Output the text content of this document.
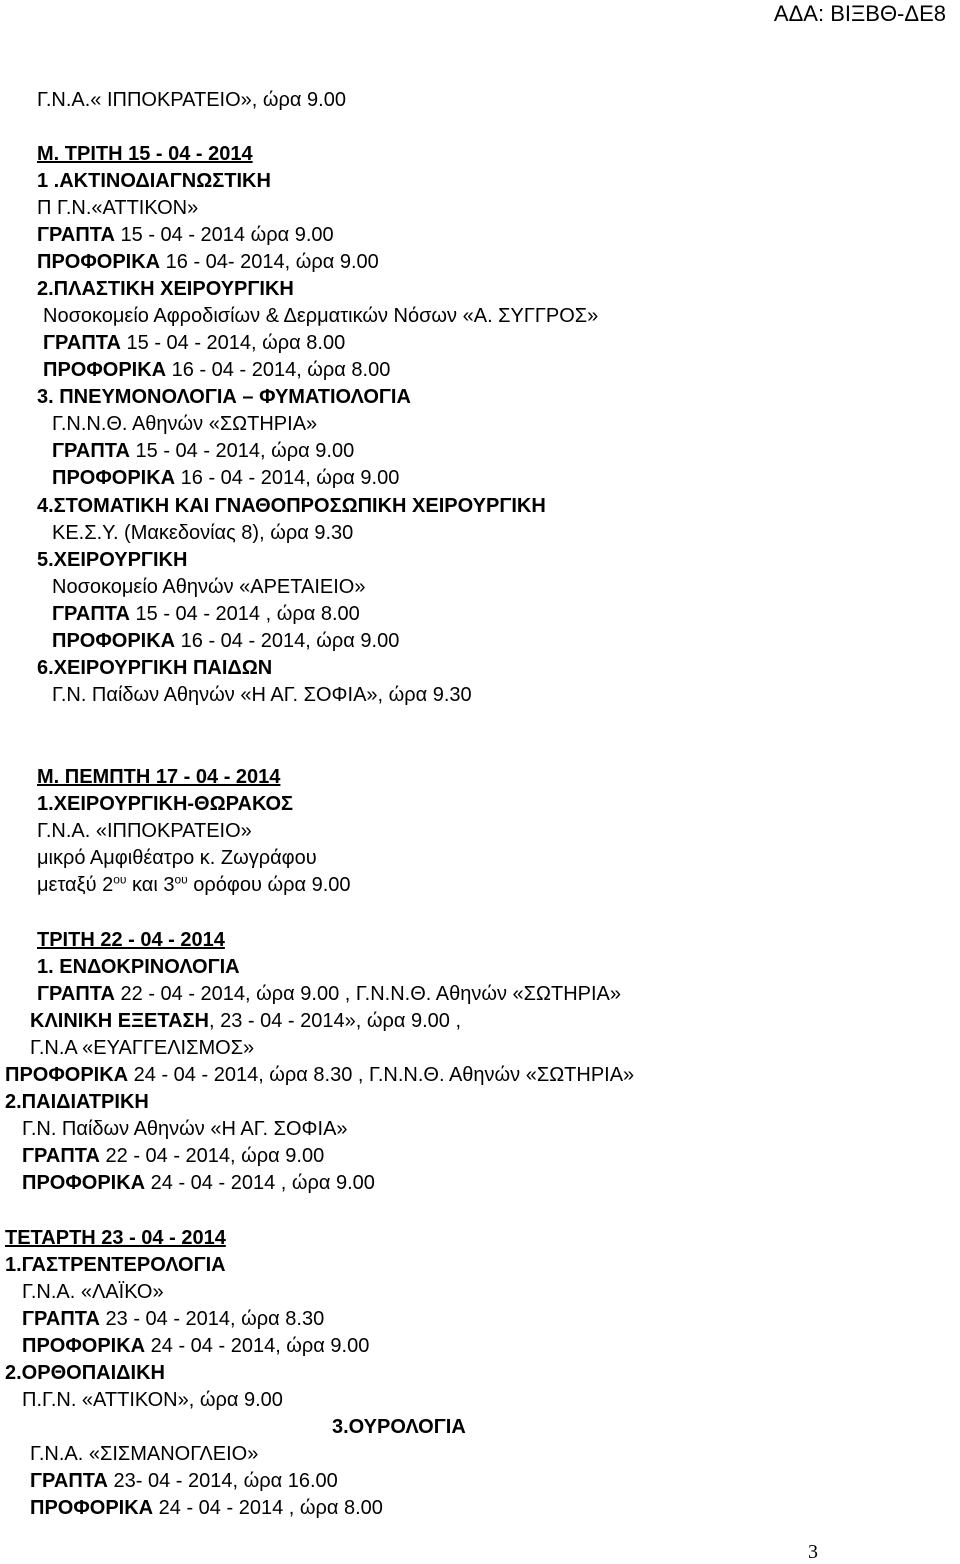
ΑΔΑ: ΒΙΞΒΘ-ΔΕ8
Γ.Ν.Α.« ΙΠΠΟΚΡΑΤΕΙΟ», ώρα 9.00
Μ. ΤΡΙΤΗ 15 - 04 - 2014
1 .ΑΚΤΙΝΟΔΙΑΓΝΩΣΤΙΚΗ
Π Γ.Ν.«ΑΤΤΙΚΟΝ»
ΓΡΑΠΤΑ 15 - 04 - 2014 ώρα 9.00
ΠΡΟΦΟΡΙΚΑ 16 - 04- 2014, ώρα 9.00
2.ΠΛΑΣΤΙΚΗ ΧΕΙΡΟΥΡΓΙΚΗ
Νοσοκομείο Αφροδισίων & Δερματικών Νόσων «Α. ΣΥΓΓΡΟΣ»
ΓΡΑΠΤΑ 15 - 04 - 2014, ώρα 8.00
ΠΡΟΦΟΡΙΚΑ 16 - 04 - 2014, ώρα 8.00
3. ΠΝΕΥΜΟΝΟΛΟΓΙΑ – ΦΥΜΑΤΙΟΛΟΓΙΑ
Γ.Ν.Ν.Θ. Αθηνών «ΣΩΤΗΡΙΑ»
ΓΡΑΠΤΑ 15 - 04 - 2014, ώρα 9.00
ΠΡΟΦΟΡΙΚΑ 16 - 04 - 2014, ώρα 9.00
4.ΣΤΟΜΑΤΙΚΗ ΚΑΙ ΓΝΑΘΟΠΡΟΣΩΠΙΚΗ ΧΕΙΡΟΥΡΓΙΚΗ
ΚΕ.Σ.Υ. (Μακεδονίας 8), ώρα 9.30
5.ΧΕΙΡΟΥΡΓΙΚΗ
Νοσοκομείο Αθηνών «ΑΡΕΤΑΙΕΙΟ»
ΓΡΑΠΤΑ 15 - 04 - 2014 , ώρα 8.00
ΠΡΟΦΟΡΙΚΑ 16 - 04 - 2014, ώρα 9.00
6.ΧΕΙΡΟΥΡΓΙΚΗ ΠΑΙΔΩΝ
Γ.Ν. Παίδων Αθηνών «Η ΑΓ. ΣΟΦΙΑ», ώρα 9.30
Μ. ΠΕΜΠΤΗ 17 - 04 - 2014
1.ΧΕΙΡΟΥΡΓΙΚΗ-ΘΩΡΑΚΟΣ
Γ.Ν.Α. «ΙΠΠΟΚΡΑΤΕΙΟ»
μικρό Αμφιθέατρο κ. Ζωγράφου
μεταξύ $2^{o\upsilon}$ και $3^{o\upsilon}$ ορόφου ώρα 9.00
ΤΡΙΤΗ 22 - 04 - 2014
1. ΕΝΔΟΚΡΙΝΟΛΟΓΙΑ
ΓΡΑΠΤΑ 22 - 04 - 2014, ώρα 9.00 , Γ.Ν.Ν.Θ. Αθηνών «ΣΩΤΗΡΙΑ»
ΚΛΙΝΙΚΗ ΕΞΕΤΑΣΗ, 23 - 04 - 2014», ώρα 9.00 ,
Γ.Ν.Α «ΕΥΑΓΓΕΛΙΣΜΟΣ»
ΠΡΟΦΟΡΙΚΑ 24 - 04 - 2014, ώρα 8.30 , Γ.Ν.Ν.Θ. Αθηνών «ΣΩΤΗΡΙΑ»
2.ΠΑΙΔΙΑΤΡΙΚΗ
Γ.Ν. Παίδων Αθηνών «Η ΑΓ. ΣΟΦΙΑ»
ΓΡΑΠΤΑ 22 - 04 - 2014, ώρα 9.00
ΠΡΟΦΟΡΙΚΑ 24 - 04 - 2014 , ώρα 9.00
ΤΕΤΑΡΤΗ 23 - 04 - 2014
1.ΓΑΣΤΡΕΝΤΕΡΟΛΟΓΙΑ
Γ.Ν.Α. «ΛΑΪΚΟ»
ΓΡΑΠΤΑ 23 - 04 - 2014, ώρα 8.30
ΠΡΟΦΟΡΙΚΑ 24 - 04 - 2014, ώρα 9.00
2.ΟΡΘΟΠΑΙΔΙΚΗ
Π.Γ.Ν. «ΑΤΤΙΚΟΝ», ώρα 9.00
3.ΟΥΡΟΛΟΓΙΑ
Γ.Ν.Α. «ΣΙΣΜΑΝΟΓΛΕΙΟ»
ΓΡΑΠΤΑ 23- 04 - 2014, ώρα 16.00
ΠΡΟΦΟΡΙΚΑ 24 - 04 - 2014 , ώρα 8.00
3
